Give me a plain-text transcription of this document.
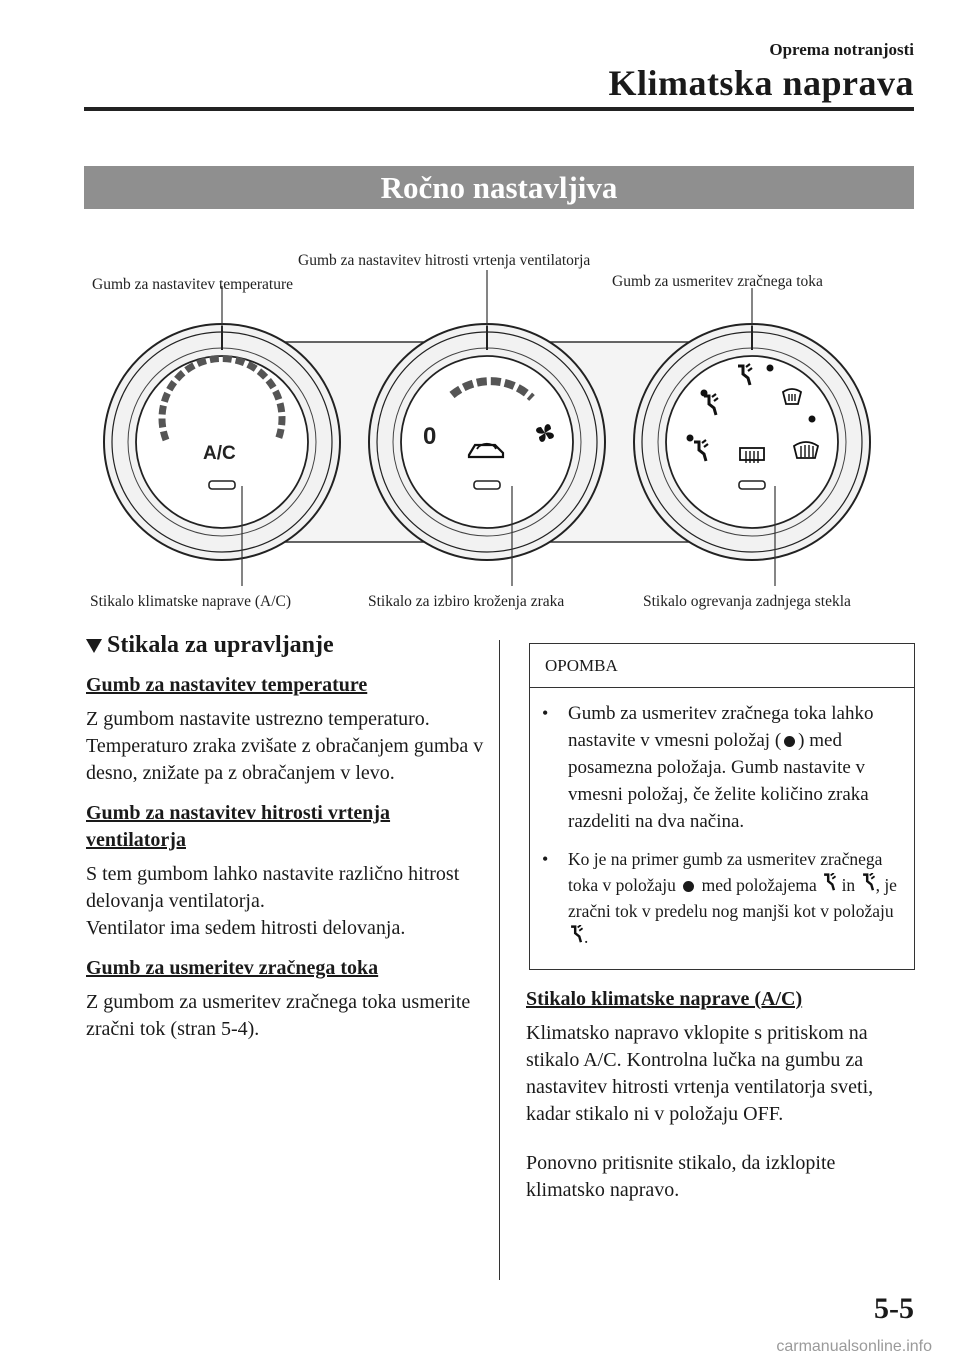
Oprema notranjosti
Klimatska naprava
Ročno nastavljiva
A/C
0
Gumb za nastavitev hitrosti vrtenja ventilatorja
Gumb za nastavitev temperature	Gumb za usmeritev zračnega toka
Stikalo klimatske naprave (A/C)	Stikalo za izbiro kroženja zraka	Stikalo ogrevanja zadnjega stekla
Stikala za upravljanje
Gumb za nastavitev temperature
Z gumbom nastavite ustrezno temperaturo. Temperaturo zraka zvišate z obračanjem gumba v desno, znižate pa z obračanjem v levo.
Gumb za nastavitev hitrosti vrtenja ventilatorja
S tem gumbom lahko nastavite različno hitrost delovanja ventilatorja.
Ventilator ima sedem hitrosti delovanja.
Gumb za usmeritev zračnega toka
Z gumbom za usmeritev zračnega toka usmerite zračni tok (stran 5-4).
OPOMBA
•	Gumb za usmeritev zračnega toka lahko nastavite v vmesni položaj ( ) med posamezna položaja. Gumb nastavite v vmesni položaj, če želite količino zraka razdeliti na dva načina.
•	Ko je na primer gumb za usmeritev zračnega toka v položaju med položajema in , je zračni tok v predelu nog manjši kot v položaju .
Stikalo klimatske naprave (A/C)
Klimatsko napravo vklopite s pritiskom na stikalo A/C. Kontrolna lučka na gumbu za nastavitev hitrosti vrtenja ventilatorja sveti, kadar stikalo ni v položaju OFF.
Ponovno pritisnite stikalo, da izklopite klimatsko napravo.
5-5
carmanualsonline.info
